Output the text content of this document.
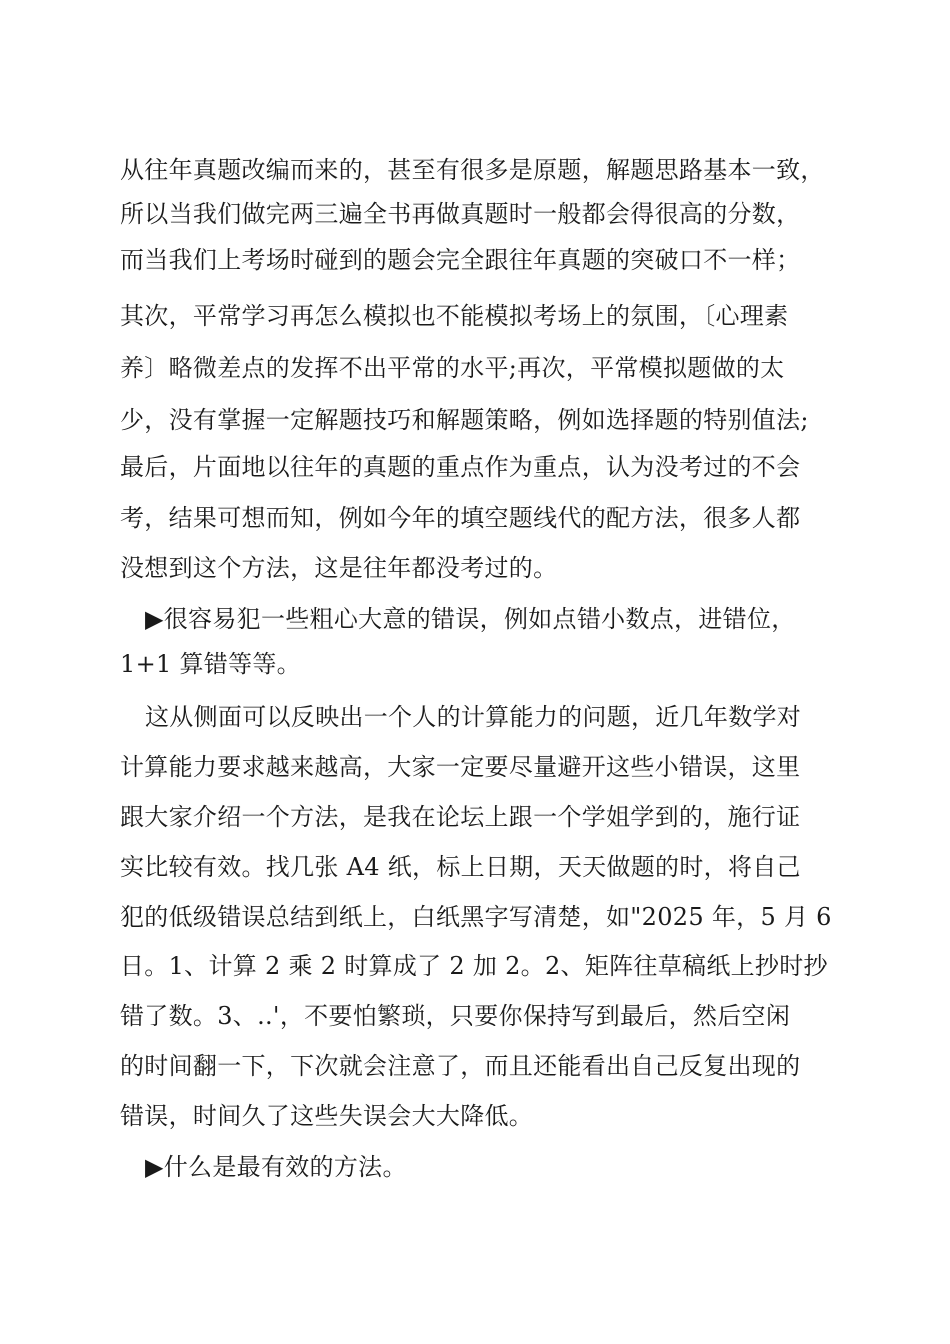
从往年真题改编而来的，甚至有很多是原题，解题思路基本一致，
所以当我们做完两三遍全书再做真题时一般都会得很高的分数，
而当我们上考场时碰到的题会完全跟往年真题的突破口不一样；
其次，平常学习再怎么模拟也不能模拟考场上的氛围，〔心理素
养〕略微差点的发挥不出平常的水平;再次，平常模拟题做的太
少，没有掌握一定解题技巧和解题策略，例如选择题的特别值法;
最后，片面地以往年的真题的重点作为重点，认为没考过的不会
考，结果可想而知，例如今年的填空题线代的配方法，很多人都
没想到这个方法，这是往年都没考过的。
▶很容易犯一些粗心大意的错误，例如点错小数点，进错位，
1+1 算错等等。
这从侧面可以反映出一个人的计算能力的问题，近几年数学对
计算能力要求越来越高，大家一定要尽量避开这些小错误，这里
跟大家介绍一个方法，是我在论坛上跟一个学姐学到的，施行证
实比较有效。找几张 A4 纸，标上日期，天天做题的时，将自己
犯的低级错误总结到纸上，白纸黑字写清楚，如"2025 年，5 月 6
日。1、计算 2 乘 2 时算成了 2 加 2。2、矩阵往草稿纸上抄时抄
错了数。3、..'，不要怕繁琐，只要你保持写到最后，然后空闲
的时间翻一下，下次就会注意了，而且还能看出自己反复出现的
错误，时间久了这些失误会大大降低。
▶什么是最有效的方法。
